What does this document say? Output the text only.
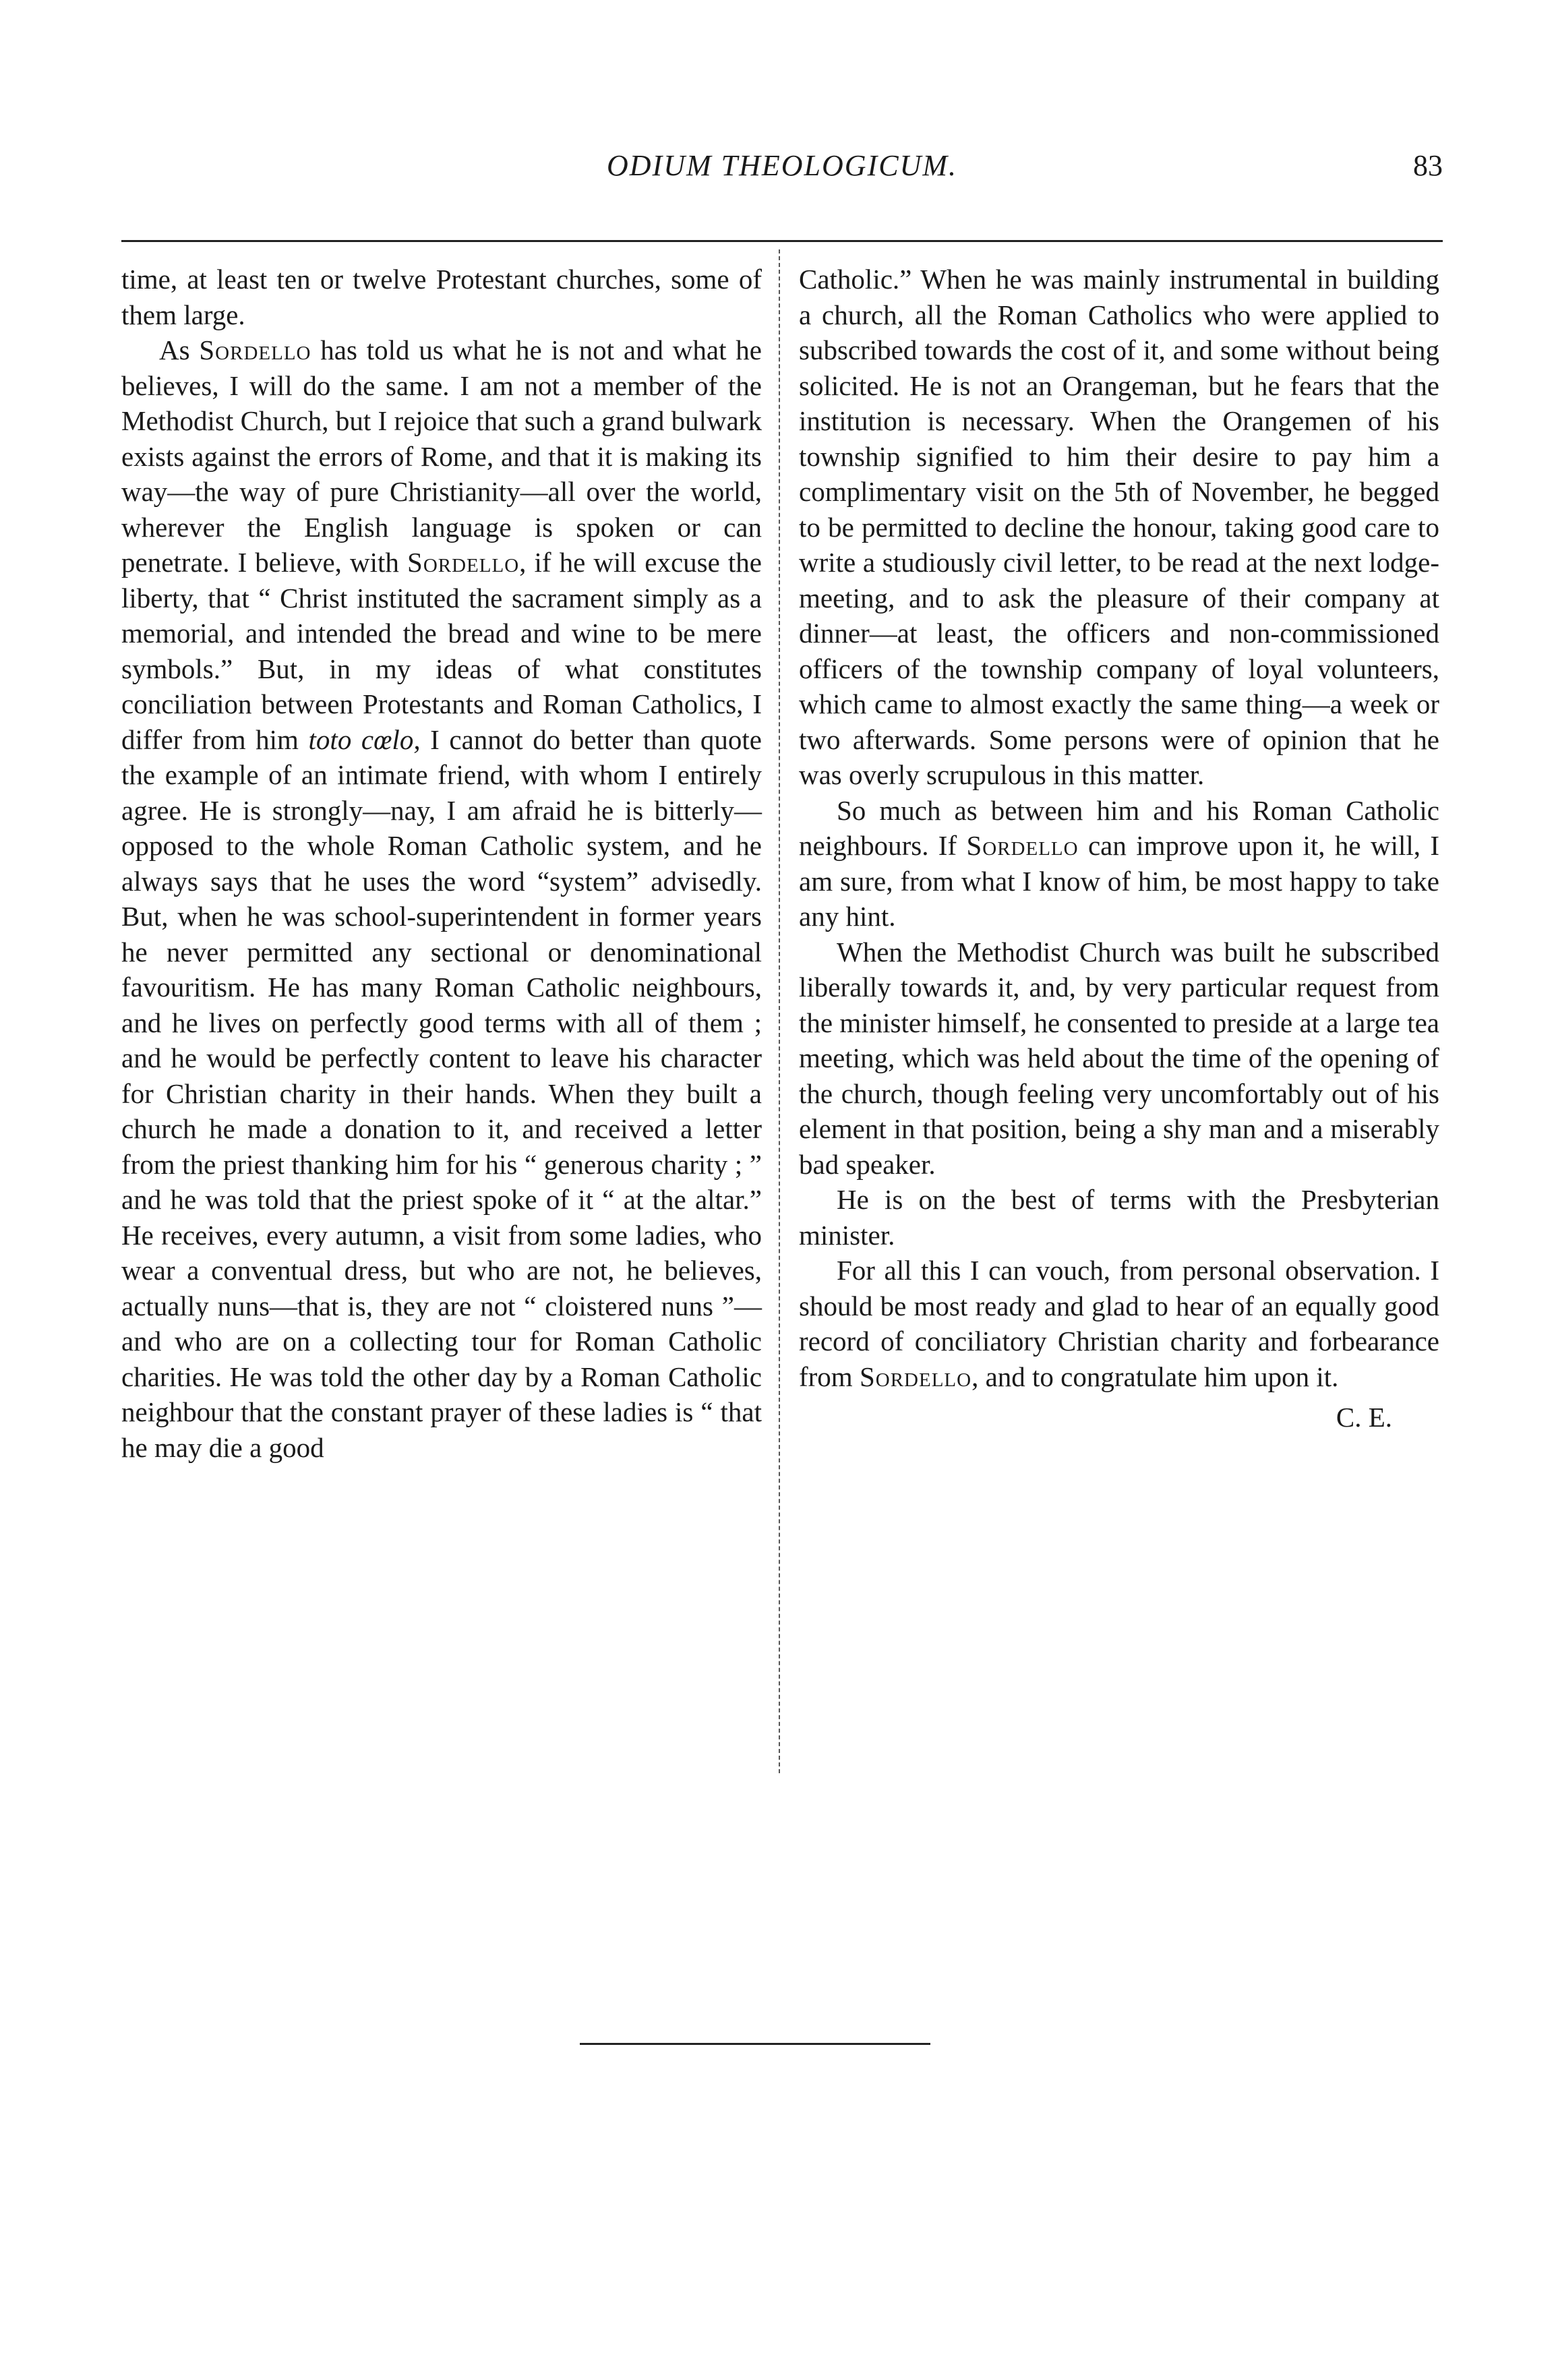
ODIUM THEOLOGICUM.	83

time, at least ten or twelve Protestant churches, some of them large.

As Sordello has told us what he is not and what he believes, I will do the same. I am not a member of the Methodist Church, but I rejoice that such a grand bulwark exists against the errors of Rome, and that it is making its way—the way of pure Christianity—all over the world, wherever the English language is spoken or can penetrate. I believe, with Sordello, if he will excuse the liberty, that “ Christ instituted the sacrament simply as a memorial, and intended the bread and wine to be mere symbols.” But, in my ideas of what constitutes conciliation between Protestants and Roman Catholics, I differ from him toto cœlo, I cannot do better than quote the example of an intimate friend, with whom I entirely agree. He is strongly—nay, I am afraid he is bitterly—opposed to the whole Roman Catholic system, and he always says that he uses the word “system” advisedly. But, when he was school-superintendent in former years he never permitted any sectional or denominational favouritism. He has many Roman Catholic neighbours, and he lives on perfectly good terms with all of them ; and he would be perfectly content to leave his character for Christian charity in their hands. When they built a church he made a donation to it, and received a letter from the priest thanking him for his “ generous charity ; ” and he was told that the priest spoke of it “ at the altar.” He receives, every autumn, a visit from some ladies, who wear a conventual dress, but who are not, he believes, actually nuns—that is, they are not “ cloistered nuns ”—and who are on a collecting tour for Roman Catholic charities. He was told the other day by a Roman Catholic neighbour that the constant prayer of these ladies is “ that he may die a good

Catholic.” When he was mainly instrumental in building a church, all the Roman Catholics who were applied to subscribed towards the cost of it, and some without being solicited. He is not an Orangeman, but he fears that the institution is necessary. When the Orangemen of his township signified to him their desire to pay him a complimentary visit on the 5th of November, he begged to be permitted to decline the honour, taking good care to write a studiously civil letter, to be read at the next lodge-meeting, and to ask the pleasure of their company at dinner—at least, the officers and non-commissioned officers of the township company of loyal volunteers, which came to almost exactly the same thing—a week or two afterwards. Some persons were of opinion that he was overly scrupulous in this matter.

So much as between him and his Roman Catholic neighbours. If Sordello can improve upon it, he will, I am sure, from what I know of him, be most happy to take any hint.

When the Methodist Church was built he subscribed liberally towards it, and, by very particular request from the minister himself, he consented to preside at a large tea meeting, which was held about the time of the opening of the church, though feeling very uncomfortably out of his element in that position, being a shy man and a miserably bad speaker.

He is on the best of terms with the Presbyterian minister.

For all this I can vouch, from personal observation. I should be most ready and glad to hear of an equally good record of conciliatory Christian charity and forbearance from Sordello, and to congratulate him upon it.

C. E.
